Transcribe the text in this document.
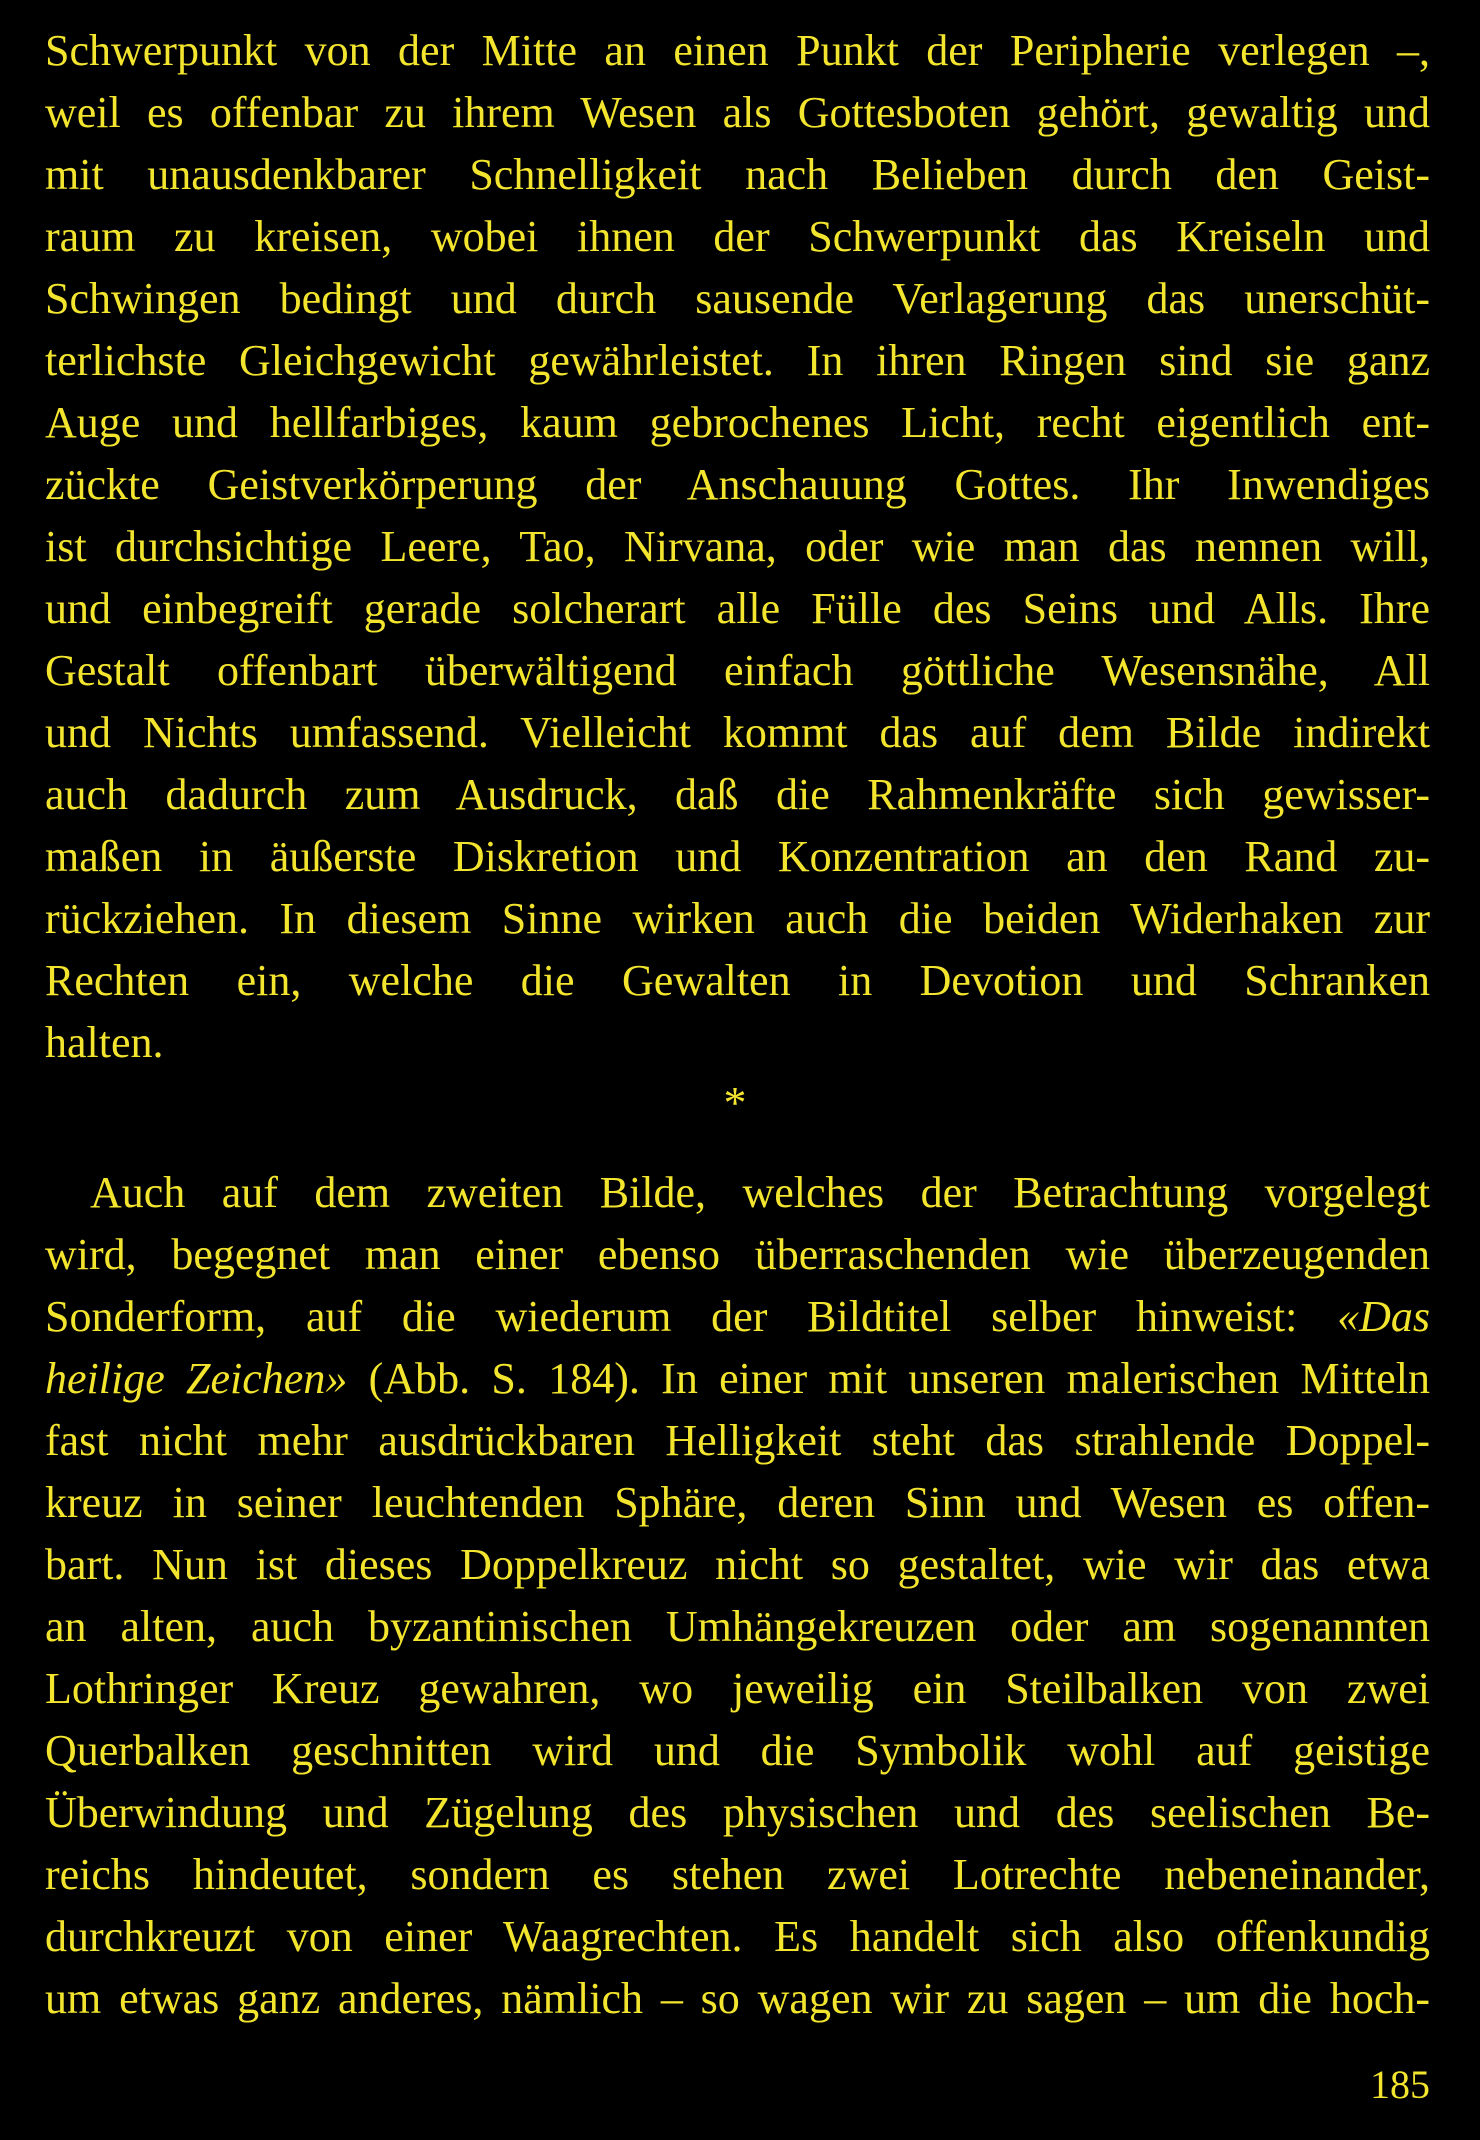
Schwerpunkt von der Mitte an einen Punkt der Peripherie verlegen –,
weil es offenbar zu ihrem Wesen als Gottesboten gehört, gewaltig und
mit unausdenkbarer Schnelligkeit nach Belieben durch den Geist-
raum zu kreisen, wobei ihnen der Schwerpunkt das Kreiseln und
Schwingen bedingt und durch sausende Verlagerung das unerschüt-
terlichste Gleichgewicht gewährleistet. In ihren Ringen sind sie ganz
Auge und hellfarbiges, kaum gebrochenes Licht, recht eigentlich ent-
zückte Geistverkörperung der Anschauung Gottes. Ihr Inwendiges
ist durchsichtige Leere, Tao, Nirvana, oder wie man das nennen will,
und einbegreift gerade solcherart alle Fülle des Seins und Alls. Ihre
Gestalt offenbart überwältigend einfach göttliche Wesensnähe, All
und Nichts umfassend. Vielleicht kommt das auf dem Bilde indirekt
auch dadurch zum Ausdruck, daß die Rahmenkräfte sich gewisser-
maßen in äußerste Diskretion und Konzentration an den Rand zu-
rückziehen. In diesem Sinne wirken auch die beiden Widerhaken zur
Rechten ein, welche die Gewalten in Devotion und Schranken
halten.
*
Auch auf dem zweiten Bilde, welches der Betrachtung vorgelegt
wird, begegnet man einer ebenso überraschenden wie überzeugenden
Sonderform, auf die wiederum der Bildtitel selber hinweist: «Das
heilige Zeichen» (Abb. S. 184). In einer mit unseren malerischen Mitteln
fast nicht mehr ausdrückbaren Helligkeit steht das strahlende Doppel-
kreuz in seiner leuchtenden Sphäre, deren Sinn und Wesen es offen-
bart. Nun ist dieses Doppelkreuz nicht so gestaltet, wie wir das etwa
an alten, auch byzantinischen Umhängekreuzen oder am sogenannten
Lothringer Kreuz gewahren, wo jeweilig ein Steilbalken von zwei
Querbalken geschnitten wird und die Symbolik wohl auf geistige
Überwindung und Zügelung des physischen und des seelischen Be-
reichs hindeutet, sondern es stehen zwei Lotrechte nebeneinander,
durchkreuzt von einer Waagrechten. Es handelt sich also offenkundig
um etwas ganz anderes, nämlich – so wagen wir zu sagen – um die hoch-
185
